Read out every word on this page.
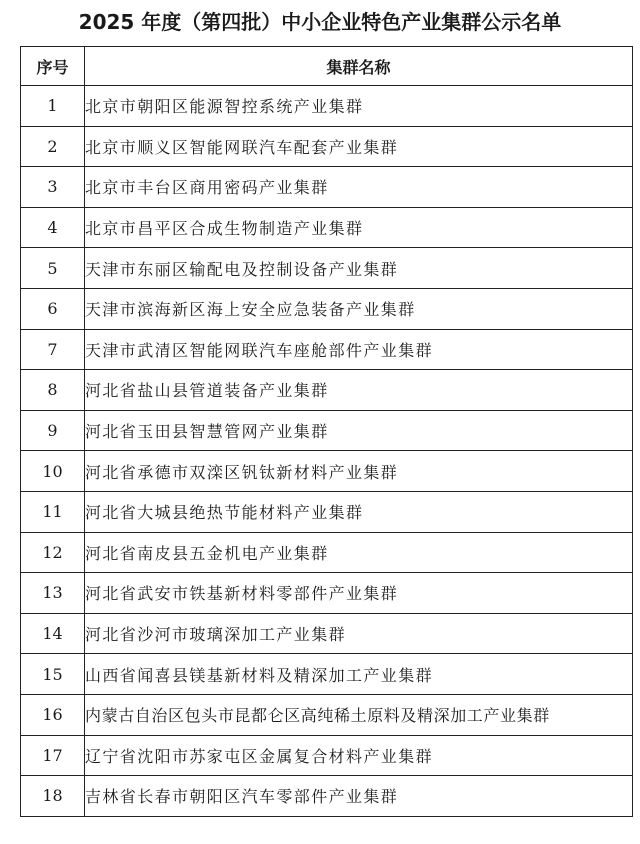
2025 年度（第四批）中小企业特色产业集群公示名单
序号	集群名称
1	北京市朝阳区能源智控系统产业集群
2	北京市顺义区智能网联汽车配套产业集群
3	北京市丰台区商用密码产业集群
4	北京市昌平区合成生物制造产业集群
5	天津市东丽区输配电及控制设备产业集群
6	天津市滨海新区海上安全应急装备产业集群
7	天津市武清区智能网联汽车座舱部件产业集群
8	河北省盐山县管道装备产业集群
9	河北省玉田县智慧管网产业集群
10	河北省承德市双滦区钒钛新材料产业集群
11	河北省大城县绝热节能材料产业集群
12	河北省南皮县五金机电产业集群
13	河北省武安市铁基新材料零部件产业集群
14	河北省沙河市玻璃深加工产业集群
15	山西省闻喜县镁基新材料及精深加工产业集群
16	内蒙古自治区包头市昆都仑区高纯稀土原料及精深加工产业集群
17	辽宁省沈阳市苏家屯区金属复合材料产业集群
18	吉林省长春市朝阳区汽车零部件产业集群
